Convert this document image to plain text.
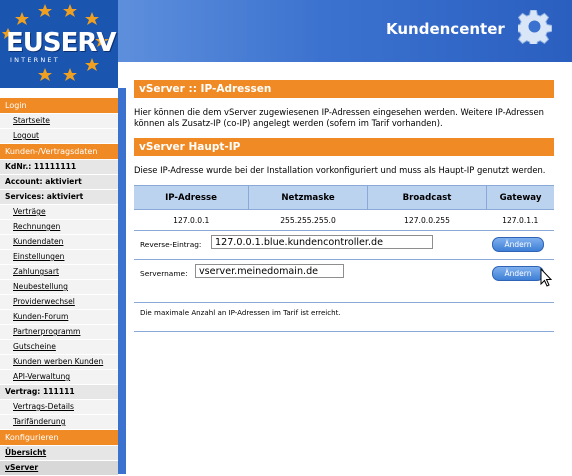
EUSERV
INTERNET
Kundencenter
Login
Startseite
Logout
Kunden-/Vertragsdaten
KdNr.: 11111111
Account: aktiviert
Services: aktiviert
Verträge
Rechnungen
Kundendaten
Einstellungen
Zahlungsart
Neubestellung
Providerwechsel
Kunden-Forum
Partnerprogramm
Gutscheine
Kunden werben Kunden
API-Verwaltung
Vertrag: 111111
Vertrags-Details
Tarifänderung
Konfigurieren
Übersicht
vServer
vServer :: IP-Adressen
Hier können die dem vServer zugewiesenen IP-Adressen eingesehen werden. Weitere IP-Adressen können als Zusatz-IP (co-IP) angelegt werden (sofern im Tarif vorhanden).
vServer Haupt-IP
Diese IP-Adresse wurde bei der Installation vorkonfiguriert und muss als Haupt-IP genutzt werden.
IP-Adresse	Netzmaske	Broadcast	Gateway
127.0.0.1	255.255.255.0	127.0.0.255	127.0.1.1
Reverse-Eintrag:	127.0.0.1.blue.kundencontroller.de	Ändern
Servername:	vserver.meinedomain.de	Ändern
Die maximale Anzahl an IP-Adressen im Tarif ist erreicht.
